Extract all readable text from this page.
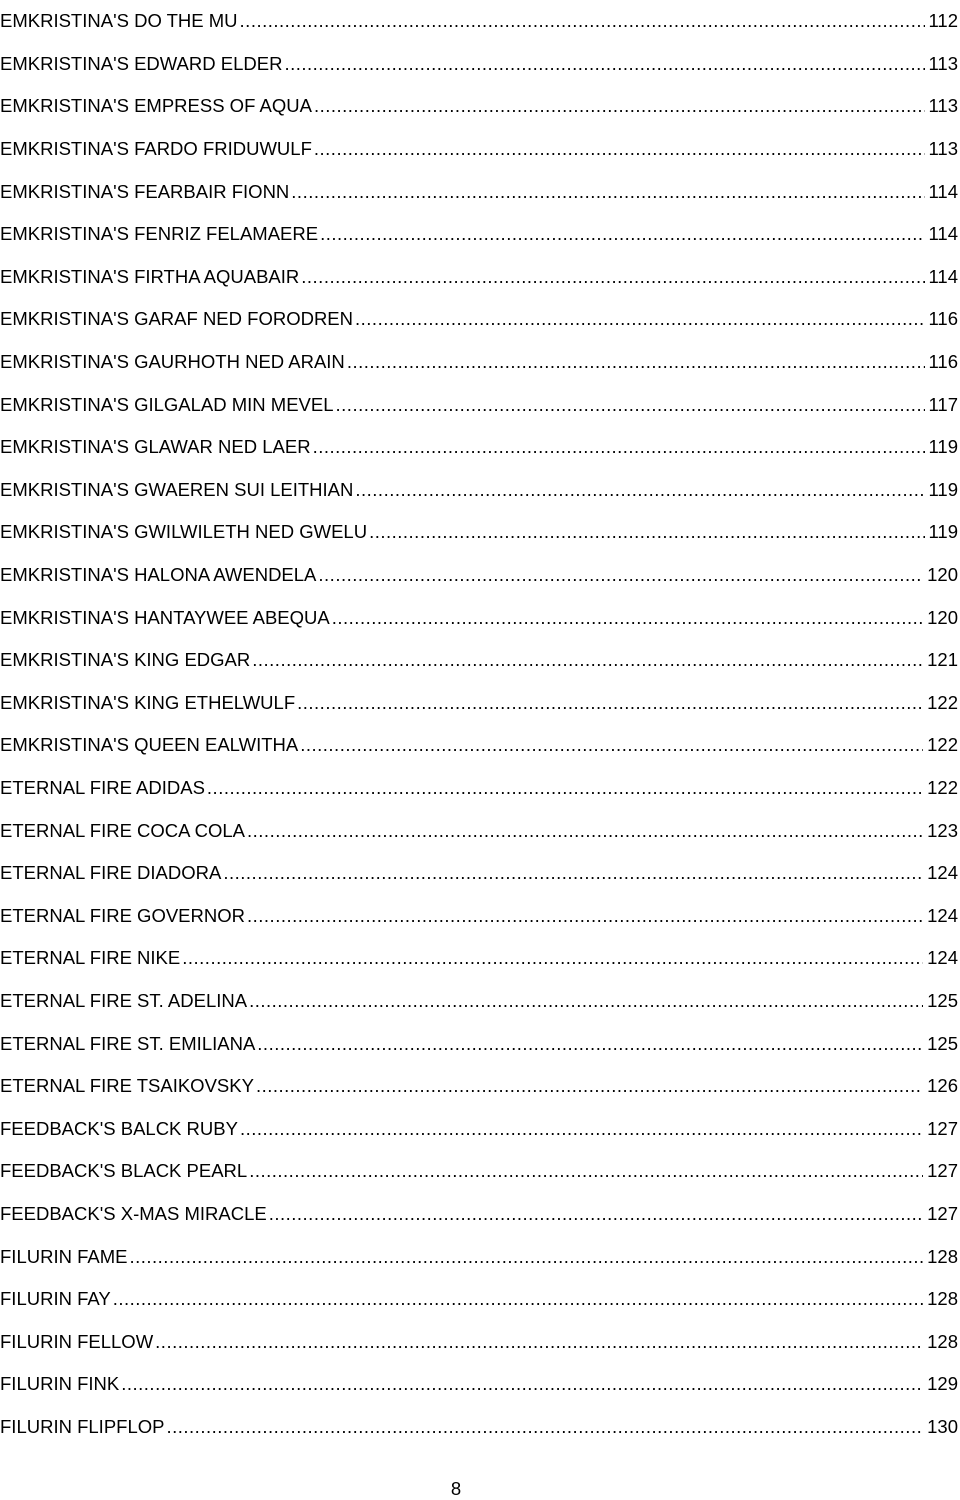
EMKRISTINA'S DO THE MU .....	112
EMKRISTINA'S EDWARD ELDER .....	113
EMKRISTINA'S EMPRESS OF AQUA .....	113
EMKRISTINA'S FARDO FRIDUWULF .....	113
EMKRISTINA'S FEARBAIR FIONN .....	114
EMKRISTINA'S FENRIZ FELAMAERE .....	114
EMKRISTINA'S FIRTHA AQUABAIR .....	114
EMKRISTINA'S GARAF NED FORODREN .....	116
EMKRISTINA'S GAURHOTH NED ARAIN .....	116
EMKRISTINA'S GILGALAD MIN MEVEL .....	117
EMKRISTINA'S GLAWAR NED LAER .....	119
EMKRISTINA'S GWAEREN SUI LEITHIAN .....	119
EMKRISTINA'S GWILWILETH NED GWELU .....	119
EMKRISTINA'S HALONA AWENDELA .....	120
EMKRISTINA'S HANTAYWEE ABEQUA .....	120
EMKRISTINA'S KING EDGAR .....	121
EMKRISTINA'S KING ETHELWULF .....	122
EMKRISTINA'S QUEEN EALWITHA .....	122
ETERNAL FIRE ADIDAS .....	122
ETERNAL FIRE COCA COLA .....	123
ETERNAL FIRE DIADORA .....	124
ETERNAL FIRE GOVERNOR .....	124
ETERNAL FIRE NIKE .....	124
ETERNAL FIRE ST. ADELINA .....	125
ETERNAL FIRE ST. EMILIANA .....	125
ETERNAL FIRE TSAIKOVSKY .....	126
FEEDBACK'S BALCK RUBY .....	127
FEEDBACK'S BLACK PEARL .....	127
FEEDBACK'S X-MAS MIRACLE .....	127
FILURIN FAME .....	128
FILURIN FAY .....	128
FILURIN FELLOW .....	128
FILURIN FINK .....	129
FILURIN FLIPFLOP .....	130
8
